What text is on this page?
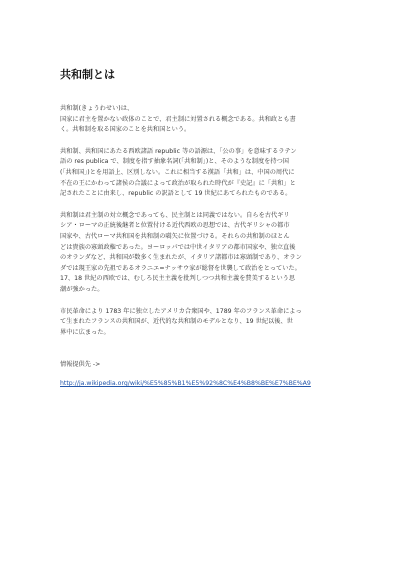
共和制とは
共和制(きょうわせい)は、
国家に君主を置かない政体のことで、君主制に対置される概念である。共和政とも書
く。共和制を取る国家のことを共和国という。
共和制、共和国にあたる西欧諸語 republic 等の語源は、「公の事」を意味するラテン
語の res publica で、制度を指す抽象名詞(「共和制」)と、そのような制度を持つ国
(「共和国」)とを用語上、区別しない。これに相当する漢語「共和」は、中国の周代に
不在の王にかわって諸侯の合議によって政治が取られた時代が『史記』に「共和」と
記されたことに由来し、republic の訳語として 19 世紀にあてられたものである。
共和制は君主制の対立概念であっても、民主制とは同義ではない。自らを古代ギリ
シア・ローマの正統後継者と位置付ける近代西欧の思想では、古代ギリシャの都市
国家や、古代ローマ共和国を共和制の嚆矢に位置づける。それらの共和制のほとん
どは貴族の寡頭政権であった。ヨーロッパでは中世イタリアの都市国家や、独立直後
のオランダなど、共和国が数多く生まれたが、イタリア諸都市は寡頭制であり、オラン
ダでは現王家の先祖であるオラニエ=ナッサウ家が総督を世襲して政治をとっていた。
17、18 世紀の西欧では、むしろ民主主義を批判しつつ共和主義を賛美するという思
潮が強かった。
市民革命により 1783 年に独立したアメリカ合衆国や、1789 年のフランス革命によっ
て生まれたフランスの共和国が、近代的な共和制のモデルとなり、19 世紀以後、世
界中に広まった。
情報提供先 ->
http://ja.wikipedia.org/wiki/%E5%85%B1%E5%92%8C%E4%B8%BE%E7%BE%A9
